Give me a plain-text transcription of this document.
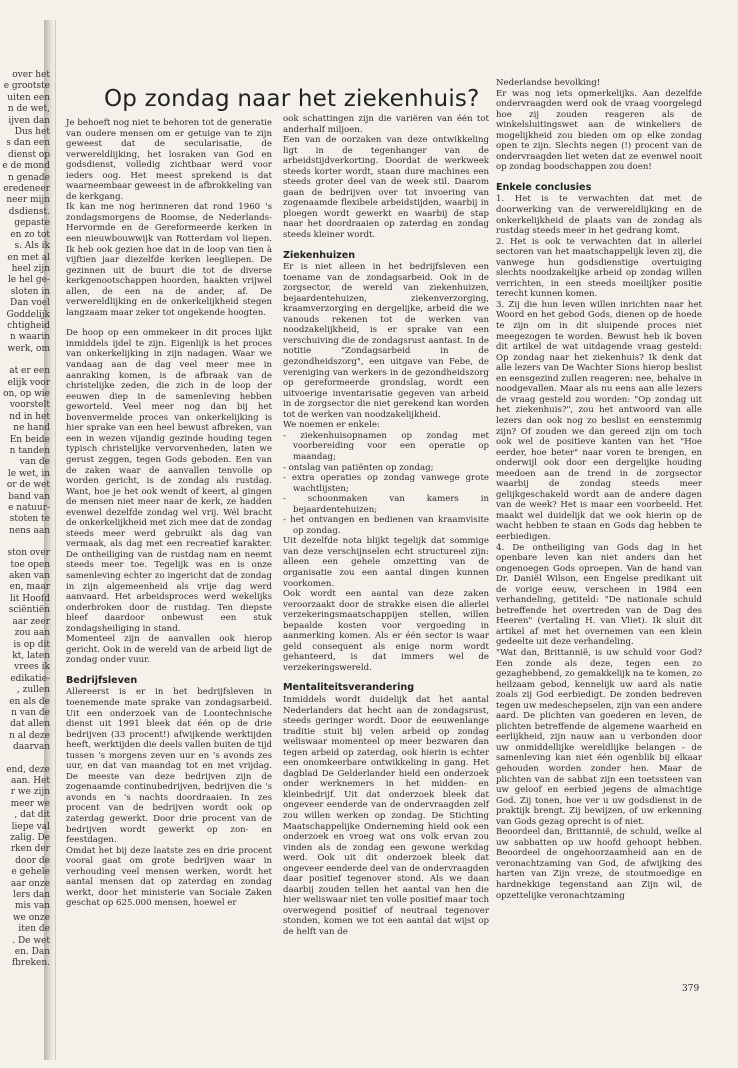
over het

e grootste

uiten een

n de wet,

ijven dan

Dus het

s dan een

dienst op

e de mond

n genade

eredeneer

neer mijn

dsdienst.

gepaste

en zo tot

s. Als ik

en met al

heel zijn

le hel ge-

sloten in

Dan voel

Goddelijk

chtigheid

n waarin

werk, om

at er een

elijk voor

on, op wie

voorstelt

nd in het

ne hand

En beide

n tanden

van de

le wet, in

or de wet

band van

e natuur-

stoten te

nens aan

ston over

toe open

aken van

en, maar

lit Hoofd

sciëntiën

aar zeer

zou aan

is op dit

kt, laten

vrees ik

edikatie-

, zullen

en als de

n van de

dat allen

n al deze

daarvan

end, deze

aan. Het

r we zijn

meer we

, dat dit

liepe val

zalig. De

rken der

door de

e gehele

aar onze

lers dan

mis van

we onze

iten de

. De wet

en. Dan

fbreken.

Op zondag naar het ziekenhuis?

Je behoeft nog niet te behoren tot de generatie van oudere mensen om er getuige van te zijn geweest dat de secularisatie, de verwereldlijking, het losraken van God en godsdienst, volledig zichtbaar werd voor ieders oog. Het meest sprekend is dat waarneembaar geweest in de afbrokkeling van de kerkgang.

Ik kan me nog herinneren dat rond 1960 's zondagsmorgens de Roomse, de Nederlands-Hervormde en de Gereformeerde kerken in een nieuwbouwwijk van Rotterdam vol liepen. Ik heb ook gezien hoe dat in de loop van tien à vijftien jaar diezelfde kerken leegliepen. De gezinnen uit de buurt die tot de diverse kerkgenootschappen hoorden, haakten vrijwel allen, de een na de ander, af. De verwereldlijking en de onkerkelijkheid stegen langzaam maar zeker tot ongekende hoogten.

De hoop op een ommekeer in dit proces lijkt inmiddels ijdel te zijn. Eigenlijk is het proces van onkerkelijking in zijn nadagen. Waar we vandaag aan de dag veel meer mee in aanraking komen, is de afbraak van de christelijke zeden, die zich in de loop der eeuwen diep in de samenleving hebben geworteld. Veel meer nog dan bij het bovenvermelde proces van onkerkelijking is hier sprake van een heel bewust afbreken, van een in wezen vijandig gezinde houding tegen typisch christelijke vervorvenheden, laten we gerust zeggen, tegen Gods geboden. Een van de zaken waar de aanvallen tenvolle op worden gericht, is de zondag als rustdag. Want, hoe je het ook wendt of keert, al gingen de mensen niet meer naar de kerk, ze hadden evenwel dezelfde zondag wel vrij. Wél bracht de onkerkelijkheid met zich mee dat de zondag steeds meer werd gebruikt als dag van vermaak, als dag met een recreatief karakter. De ontheiliging van de rustdag nam en neemt steeds meer toe. Tegelijk was en is onze samenleving echter zo ingericht dat de zondag in zijn algemeenheid als vrije dag werd aanvaard. Het arbeidsproces werd wekelijks onderbroken door de rustdag. Ten diepste bleef daardoor onbewust een stuk zondagsheiliging in stand.

Momenteel zijn de aanvallen ook hierop gericht. Ook in de wereld van de arbeid ligt de zondag onder vuur.

Bedrijfsleven

Allereerst is er in het bedrijfsleven in toenemende mate sprake van zondagsarbeid. Uit een onderzoek van de Loontechnische dienst uit 1991 bleek dat één op de drie bedrijven (33 procent!) afwijkende werktijden heeft, werktijden die deels vallen buiten de tijd tussen 's morgens zeven uur en 's avonds zes uur, en dat van maandag tot en met vrijdag. De meeste van deze bedrijven zijn de zogenaamde continubedrijven, bedrijven die 's avonds en 's nachts doordraaien. In zes procent van de bedrijven wordt ook op zaterdag gewerkt. Door drie procent van de bedrijven wordt gewerkt op zon- en feestdagen.

Omdat het bij deze laatste zes en drie procent vooral gaat om grote bedrijven waar in verhouding veel mensen werken, wordt het aantal mensen dat op zaterdag en zondag werkt, door het ministerie van Sociale Zaken geschat op 625.000 mensen, hoewel er

ook schattingen zijn die variëren van één tot anderhalf miljoen.

Een van de oorzaken van deze ontwikkeling ligt in de tegenhanger van de arbeidstijdverkorting. Doordat de werkweek steeds korter wordt, staan dure machines een steeds groter deel van de week stil. Daarom gaan de bedrijven over tot invoering van zogenaamde flexibele arbeidstijden, waarbij in ploegen wordt gewerkt en waarbij de stap naar het doordraaien op zaterdag en zondag steeds kleiner wordt.

Ziekenhuizen

Er is niet alleen in het bedrijfsleven een toename van de zondagsarbeid. Ook in de zorgsector, de wereld van ziekenhuizen, bejaardentehuizen, ziekenverzorging, kraamverzorging en dergelijke, arbeid die we vanouds rekenen tot de werken van noodzakelijkheid, is er sprake van een verschuiving die de zondagsrust aantast. In de notitie "Zondagsarbeid in de gezondheidszorg", een uitgave van Febe, de vereniging van werkers in de gezondheidszorg op gereformeerde grondslag, wordt een uitvoerige inventarisatie gegeven van arbeid in de zorgsector die niet gerekend kan worden tot de werken van noodzakelijkheid.

We noemen er enkele:

- ziekenhuisopnamen op zondag met voorbereiding voor een operatie op maandag;
- ontslag van patiënten op zondag;
- extra operaties op zondag vanwege grote wachtlijsten;
- schoonmaken van kamers in bejaardentehuizen;
- het ontvangen en bedienen van kraamvisite op zondag.

Uit dezelfde nota blijkt tegelijk dat sommige van deze verschijnselen echt structureel zijn: alleen een gehele omzetting van de organisatie zou een aantal dingen kunnen voorkomen.

Ook wordt een aantal van deze zaken veroorzaakt door de strakke eisen die allerlei verzekeringsmaatschappijen stellen, willen bepaalde kosten voor vergoeding in aanmerking komen. Als er één sector is waar geld consequent als enige norm wordt gehanteerd, is dat immers wel de verzekeringswereld.

Mentaliteitsverandering

Inmiddels wordt duidelijk dat het aantal Nederlanders dat hecht aan de zondagsrust, steeds geringer wordt. Door de eeuwenlange traditie stuit bij velen arbeid op zondag weliswaar momenteel op meer bezwaren dan tegen arbeid op zaterdag, ook hierin is echter een onomkeerbare ontwikkeling in gang. Het dagblad De Gelderlander hield een onderzoek onder werknemers in het midden- en kleinbedrijf. Uit dat onderzoek bleek dat ongeveer eenderde van de ondervraagden zelf zou willen werken op zondag. De Stichting Maatschappelijke Onderneming hield ook een onderzoek en vroeg wat ons volk ervan zou vinden als de zondag een gewone werkdag werd. Ook uit dit onderzoek bleek dat ongeveer eenderde deel van de ondervraagden daar positief tegenover stond. Als we daan daarbij zouden tellen het aantal van hen die hier weliswaar niet ten volle positief maar toch overwegend positief of neutraal tegenover stonden, komen we tot een aantal dat wijst op de helft van de

Nederlandse bevolking!

Er was nog iets opmerkelijks. Aan dezelfde ondervraagden werd ook de vraag voorgelegd hoe zij zouden reageren als de winkelsluitingswet aan de winkeliers de mogelijkheid zou bieden om op elke zondag open te zijn. Slechts negen (!) procent van de ondervraagden liet weten dat ze evenwel nooit op zondag boodschappen zou doen!

Enkele conclusies

1. Het is te verwachten dat met de doorwerking van de verwereldlijking en de onkerkelijkheid de plaats van de zondag als rustdag steeds meer in het gedrang komt.

2. Het is ook te verwachten dat in allerlei sectoren van het maatschappelijk leven zij, die vanwege hun godsdienstige overtuiging slechts noodzakelijke arbeid op zondag willen verrichten, in een steeds moeilijker positie terecht kunnen komen.

3. Zij die hun leven willen inrichten naar het Woord en het gebod Gods, dienen op de hoede te zijn om in dit sluipende proces niet meegezogen te worden. Bewust heb ik boven dit artikel de wat uitdagende vraag gesteld: Op zondag naar het ziekenhuis? Ik denk dat alle lezers van De Wachter Sions hierop beslist en eensgezind zullen reageren: nee, behalve in noodgevallen. Maar als nu eens aan alle lezers de vraag gesteld zou worden: "Op zondag uit het ziekenhuis?", zou het antwoord van alle lezers dan ook nog zo beslist en eenstemmig zijn? Of zouden we dan gereed zijn om toch ook wel de positieve kanten van het "Hoe eerder, hoe beter" naar voren te brengen, en onderwijl ook door een dergelijke houding meedoen aan de trend in de zorgsector waarbij de zondag steeds meer gelijkgeschakeld wordt aan de andere dagen van de week? Het is maar een voorbeeld. Het maakt wel duidelijk dat we ook hierin op de wacht hebben te staan en Gods dag hebben te eerbiedigen.

4. De ontheiliging van Gods dag in het openbare leven kan niet anders dan het ongenoegen Gods oproepen. Van de hand van Dr. Daniël Wilson, een Engelse predikant uit de vorige eeuw, verscheen in 1984 een verhandeling, getiteld: "De nationale schuld betreffende het overtreden van de Dag des Heeren" (vertaling H. van Vliet). Ik sluit dit artikel af met het overnemen van een klein gedeelte uit deze verhandeling.

"Wat dan, Brittannië, is uw schuld voor God? Een zonde als deze, tegen een zo gezaghebbend, zo gemakkelijk na te komen, zo heilzaam gebod, kennelijk uw aard als natie zoals zij God eerbiedigt. De zonden bedreven tegen uw medeschepselen, zijn van een andere aard. De plichten van goederen en leven, de plichten betreffende de algemene waarheid en eerlijkheid, zijn nauw aan u verbonden door uw onmiddellijke wereldlijke belangen - de samenleving kan niet één ogenblik bij elkaar gehouden worden zonder hen. Maar de plichten van de sabbat zijn een toetssteen van uw geloof en eerbied jegens de almachtige God. Zij tonen, hoe ver u uw godsdienst in de praktijk brengt. Zij bewijzen, of uw erkenning van Gods gezag oprecht is of niet.

Beoordeel dan, Brittannië, de schuld, welke al uw sabbatten op uw hoofd gehoopt hebben. Beoordeel de ongehoorzaamheid aan en de veronachtzaming van God, de afwijking des harten van Zijn vreze, de stoutmoedige en hardnekkige tegenstand aan Zijn wil, de opzettelijke veronachtzaming

379
